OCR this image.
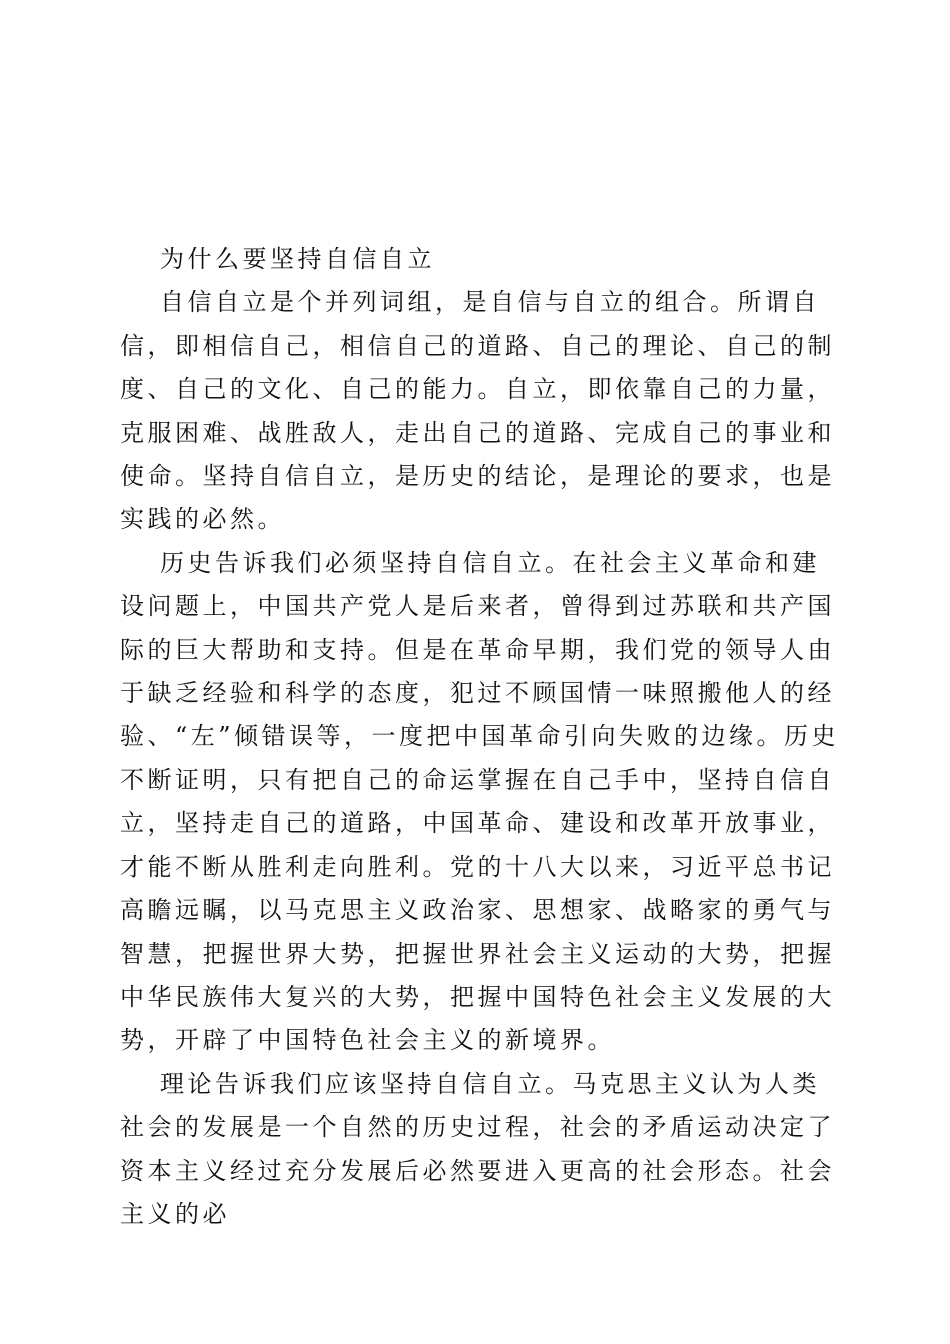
为什么要坚持自信自立

自信自立是个并列词组，是自信与自立的组合。所谓自信，即相信自己，相信自己的道路、自己的理论、自己的制度、自己的文化、自己的能力。自立，即依靠自己的力量，克服困难、战胜敌人，走出自己的道路、完成自己的事业和使命。坚持自信自立，是历史的结论，是理论的要求，也是实践的必然。

历史告诉我们必须坚持自信自立。在社会主义革命和建设问题上，中国共产党人是后来者，曾得到过苏联和共产国际的巨大帮助和支持。但是在革命早期，我们党的领导人由于缺乏经验和科学的态度，犯过不顾国情一味照搬他人的经验、“左”倾错误等，一度把中国革命引向失败的边缘。历史不断证明，只有把自己的命运掌握在自己手中，坚持自信自立，坚持走自己的道路，中国革命、建设和改革开放事业，才能不断从胜利走向胜利。党的十八大以来，习近平总书记高瞻远瞩，以马克思主义政治家、思想家、战略家的勇气与智慧，把握世界大势，把握世界社会主义运动的大势，把握中华民族伟大复兴的大势，把握中国特色社会主义发展的大势，开辟了中国特色社会主义的新境界。

理论告诉我们应该坚持自信自立。马克思主义认为人类社会的发展是一个自然的历史过程，社会的矛盾运动决定了资本主义经过充分发展后必然要进入更高的社会形态。社会主义的必
